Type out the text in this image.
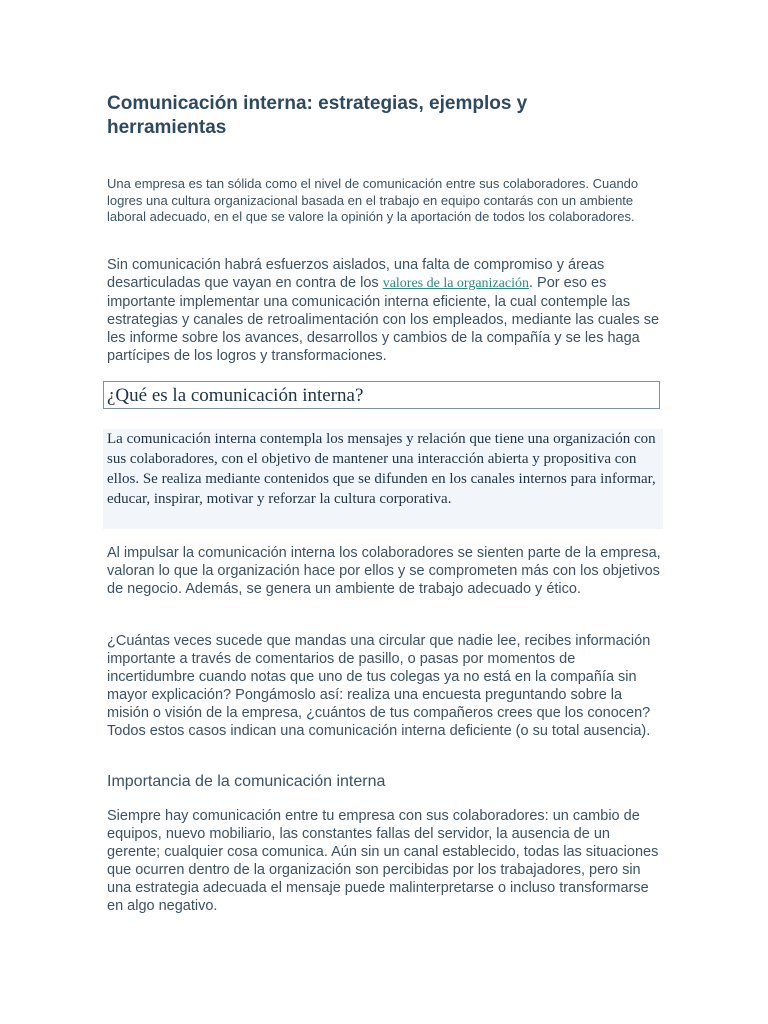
Comunicación interna: estrategias, ejemplos y herramientas

Una empresa es tan sólida como el nivel de comunicación entre sus colaboradores. Cuando logres una cultura organizacional basada en el trabajo en equipo contarás con un ambiente laboral adecuado, en el que se valore la opinión y la aportación de todos los colaboradores.

Sin comunicación habrá esfuerzos aislados, una falta de compromiso y áreas desarticuladas que vayan en contra de los valores de la organización. Por eso es importante implementar una comunicación interna eficiente, la cual contemple las estrategias y canales de retroalimentación con los empleados, mediante las cuales se les informe sobre los avances, desarrollos y cambios de la compañía y se les haga partícipes de los logros y transformaciones.

¿Qué es la comunicación interna?

La comunicación interna contempla los mensajes y relación que tiene una organización con sus colaboradores, con el objetivo de mantener una interacción abierta y propositiva con ellos. Se realiza mediante contenidos que se difunden en los canales internos para informar, educar, inspirar, motivar y reforzar la cultura corporativa.

Al impulsar la comunicación interna los colaboradores se sienten parte de la empresa, valoran lo que la organización hace por ellos y se comprometen más con los objetivos de negocio. Además, se genera un ambiente de trabajo adecuado y ético.

¿Cuántas veces sucede que mandas una circular que nadie lee, recibes información importante a través de comentarios de pasillo, o pasas por momentos de incertidumbre cuando notas que uno de tus colegas ya no está en la compañía sin mayor explicación? Pongámoslo así: realiza una encuesta preguntando sobre la misión o visión de la empresa, ¿cuántos de tus compañeros crees que los conocen? Todos estos casos indican una comunicación interna deficiente (o su total ausencia).

Importancia de la comunicación interna

Siempre hay comunicación entre tu empresa con sus colaboradores: un cambio de equipos, nuevo mobiliario, las constantes fallas del servidor, la ausencia de un gerente; cualquier cosa comunica. Aún sin un canal establecido, todas las situaciones que ocurren dentro de la organización son percibidas por los trabajadores, pero sin una estrategia adecuada el mensaje puede malinterpretarse o incluso transformarse en algo negativo.
